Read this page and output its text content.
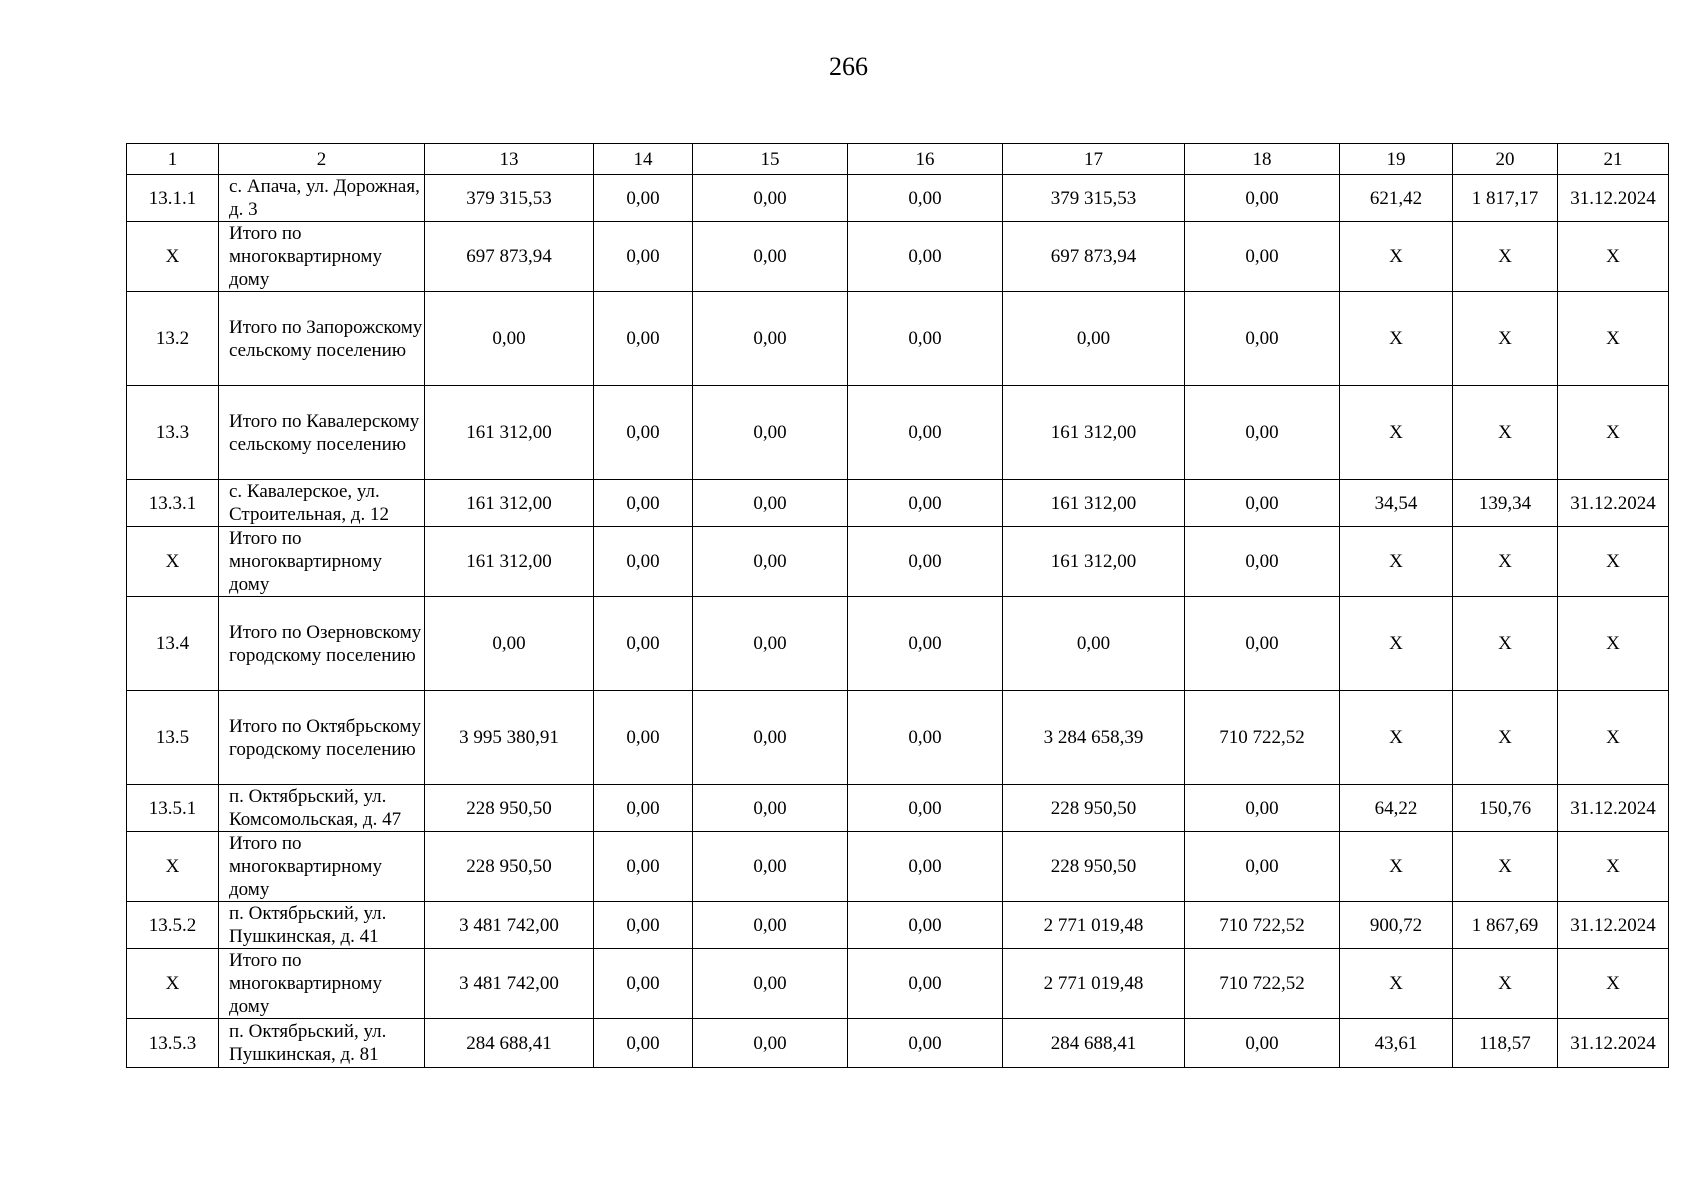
266
1	2	13	14	15	16	17	18	19	20	21
13.1.1	с. Апача, ул. Дорожная, д. 3	379 315,53	0,00	0,00	0,00	379 315,53	0,00	621,42	1 817,17	31.12.2024
Х	Итого по многоквартирному дому	697 873,94	0,00	0,00	0,00	697 873,94	0,00	Х	Х	Х
13.2	Итого по Запорожскому сельскому поселению	0,00	0,00	0,00	0,00	0,00	0,00	Х	Х	Х
13.3	Итого по Кавалерскому сельскому поселению	161 312,00	0,00	0,00	0,00	161 312,00	0,00	Х	Х	Х
13.3.1	с. Кавалерское, ул. Строительная, д. 12	161 312,00	0,00	0,00	0,00	161 312,00	0,00	34,54	139,34	31.12.2024
Х	Итого по многоквартирному дому	161 312,00	0,00	0,00	0,00	161 312,00	0,00	Х	Х	Х
13.4	Итого по Озерновскому городскому поселению	0,00	0,00	0,00	0,00	0,00	0,00	Х	Х	Х
13.5	Итого по Октябрьскому городскому поселению	3 995 380,91	0,00	0,00	0,00	3 284 658,39	710 722,52	Х	Х	Х
13.5.1	п. Октябрьский, ул. Комсомольская, д. 47	228 950,50	0,00	0,00	0,00	228 950,50	0,00	64,22	150,76	31.12.2024
Х	Итого по многоквартирному дому	228 950,50	0,00	0,00	0,00	228 950,50	0,00	Х	Х	Х
13.5.2	п. Октябрьский, ул. Пушкинская, д. 41	3 481 742,00	0,00	0,00	0,00	2 771 019,48	710 722,52	900,72	1 867,69	31.12.2024
Х	Итого по многоквартирному дому	3 481 742,00	0,00	0,00	0,00	2 771 019,48	710 722,52	Х	Х	Х
13.5.3	п. Октябрьский, ул. Пушкинская, д. 81	284 688,41	0,00	0,00	0,00	284 688,41	0,00	43,61	118,57	31.12.2024
